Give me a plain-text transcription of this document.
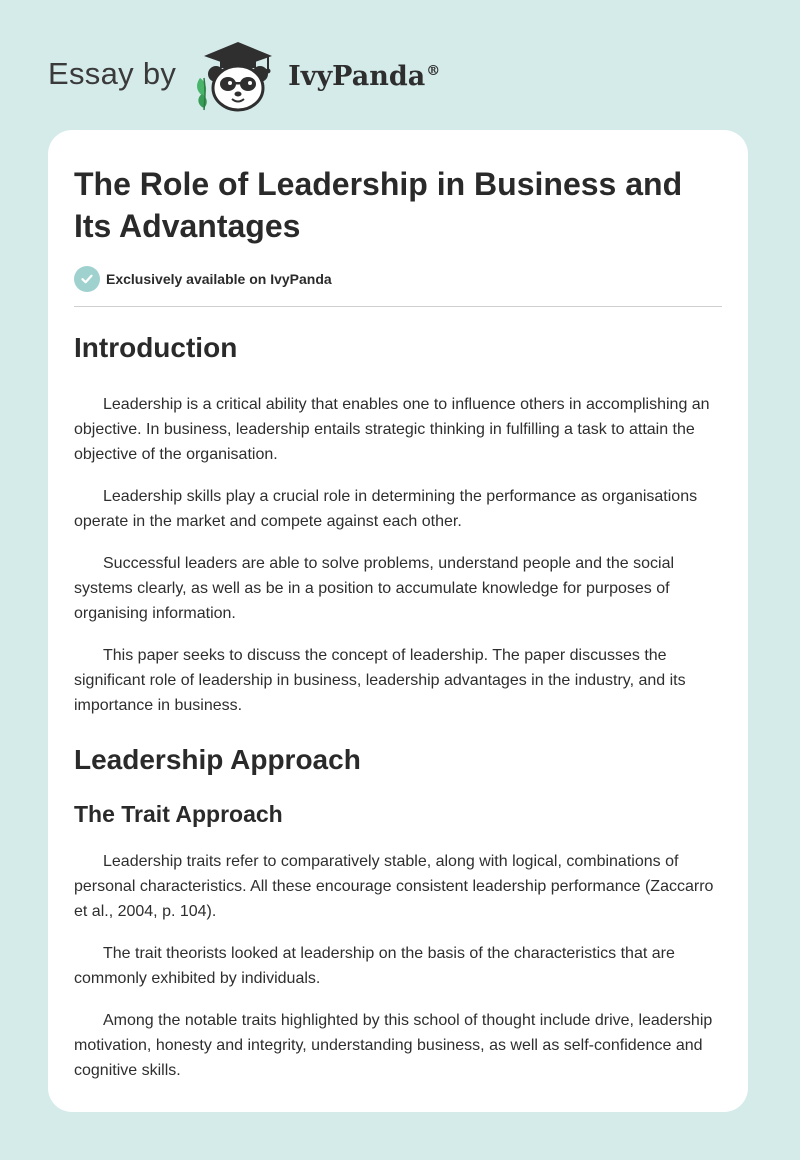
Essay by	IvyPanda®
The Role of Leadership in Business and Its Advantages
Exclusively available on IvyPanda
Introduction

Leadership is a critical ability that enables one to influence others in accomplishing an objective. In business, leadership entails strategic thinking in fulfilling a task to attain the objective of the organisation.

Leadership skills play a crucial role in determining the performance as organisations operate in the market and compete against each other.

Successful leaders are able to solve problems, understand people and the social systems clearly, as well as be in a position to accumulate knowledge for purposes of organising information.

This paper seeks to discuss the concept of leadership. The paper discusses the significant role of leadership in business, leadership advantages in the industry, and its importance in business.

Leadership Approach
The Trait Approach

Leadership traits refer to comparatively stable, along with logical, combinations of personal characteristics. All these encourage consistent leadership performance (Zaccarro et al., 2004, p. 104).

The trait theorists looked at leadership on the basis of the characteristics that are commonly exhibited by individuals.

Among the notable traits highlighted by this school of thought include drive, leadership motivation, honesty and integrity, understanding business, as well as self-confidence and cognitive skills.
